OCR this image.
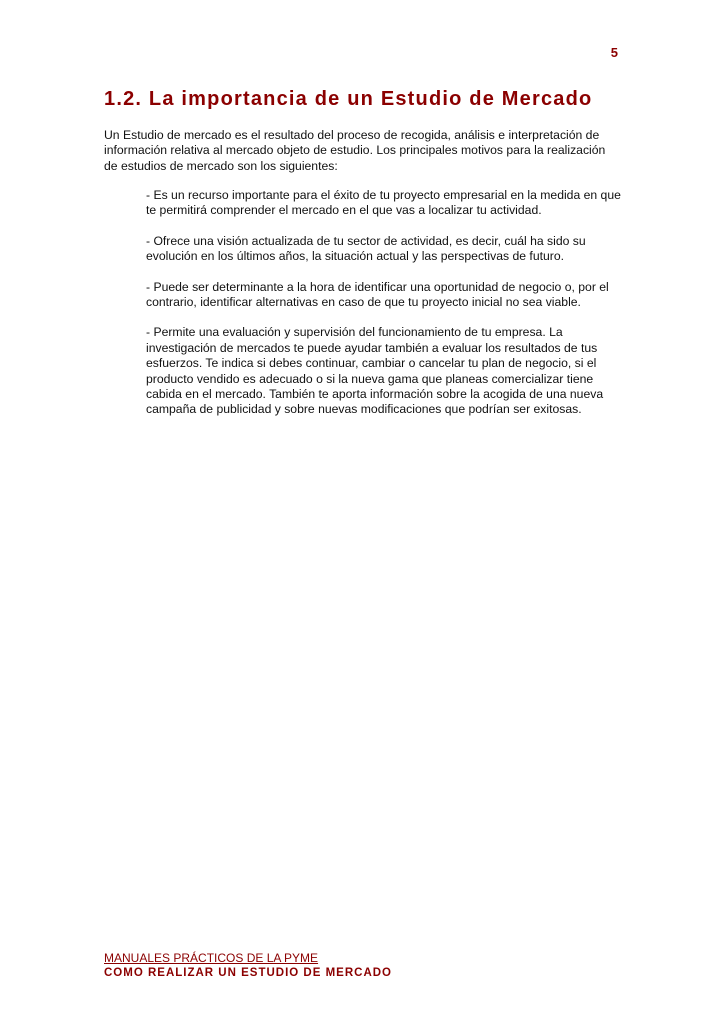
5
1.2. La importancia de un Estudio de Mercado

Un Estudio de mercado es el resultado del proceso de recogida, análisis e interpretación de información relativa al mercado objeto de estudio. Los principales motivos para la realización de estudios de mercado son los siguientes:

- Es un recurso importante para el éxito de tu proyecto empresarial en la medida en que te permitirá comprender el mercado en el que vas a localizar tu actividad.
- Ofrece una visión actualizada de tu sector de actividad, es decir, cuál ha sido su evolución en los últimos años, la situación actual y las perspectivas de futuro.
- Puede ser determinante a la hora de identificar una oportunidad de negocio o, por el contrario, identificar alternativas en caso de que tu proyecto inicial no sea viable.
- Permite una evaluación y supervisión del funcionamiento de tu empresa. La investigación de mercados te puede ayudar también a evaluar los resultados de tus esfuerzos. Te indica si debes continuar, cambiar o cancelar tu plan de negocio, si el producto vendido es adecuado o si la nueva gama que planeas comercializar tiene cabida en el mercado. También te aporta información sobre la acogida de una nueva campaña de publicidad y sobre nuevas modificaciones que podrían ser exitosas.
MANUALES PRÁCTICOS DE LA PYME
COMO REALIZAR UN ESTUDIO DE MERCADO
